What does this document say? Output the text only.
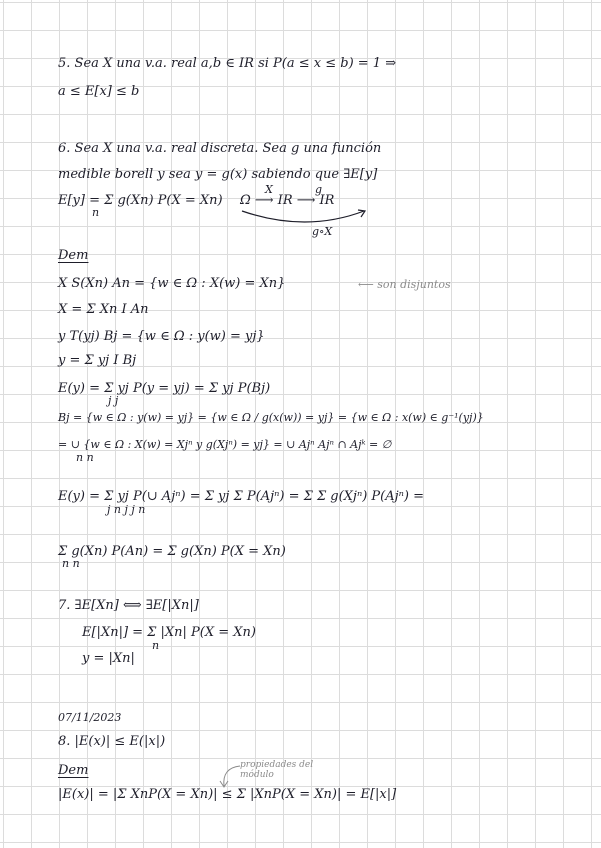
5. Sea X una v.a. real a,b ∈ IR si P(a ≤ x ≤ b) = 1 ⇒
a ≤ E[x] ≤ b
6. Sea X una v.a. real discreta. Sea g una función
medible borell y sea y = g(x) sabiendo que ∃E[y]
E[y] = Σ g(Xn) P(X = Xn)
n
X	g
Ω ⟶ IR ⟶ IR
g∘X
Dem
X S(Xn) An = {w ∈ Ω : X(w) = Xn}	⟵ son disjuntos
X = Σ Xn I An
y T(yj) Bj = {w ∈ Ω : y(w) = yj}
y = Σ yj I Bj
E(y) = Σ yj P(y = yj) = Σ yj P(Bj)
j j
Bj = {w ∈ Ω : y(w) = yj} = {w ∈ Ω / g(x(w)) = yj} = {w ∈ Ω : x(w) ∈ g⁻¹(yj)}
= ∪ {w ∈ Ω : X(w) = Xjⁿ y g(Xjⁿ) = yj} = ∪ Ajⁿ Ajⁿ ∩ Ajᵏ = ∅
n n
E(y) = Σ yj P(∪ Ajⁿ) = Σ yj Σ P(Ajⁿ) = Σ Σ g(Xjⁿ) P(Ajⁿ) =
j n j j n
Σ g(Xn) P(An) = Σ g(Xn) P(X = Xn)
n n
7. ∃E[Xn] ⟺ ∃E[|Xn|]
E[|Xn|] = Σ |Xn| P(X = Xn)
n
y = |Xn|
07/11/2023
8. |E(x)| ≤ E(|x|)
Dem	propiedades del módulo
|E(x)| = |Σ XnP(X = Xn)| ≤ Σ |XnP(X = Xn)| = E[|x|]
